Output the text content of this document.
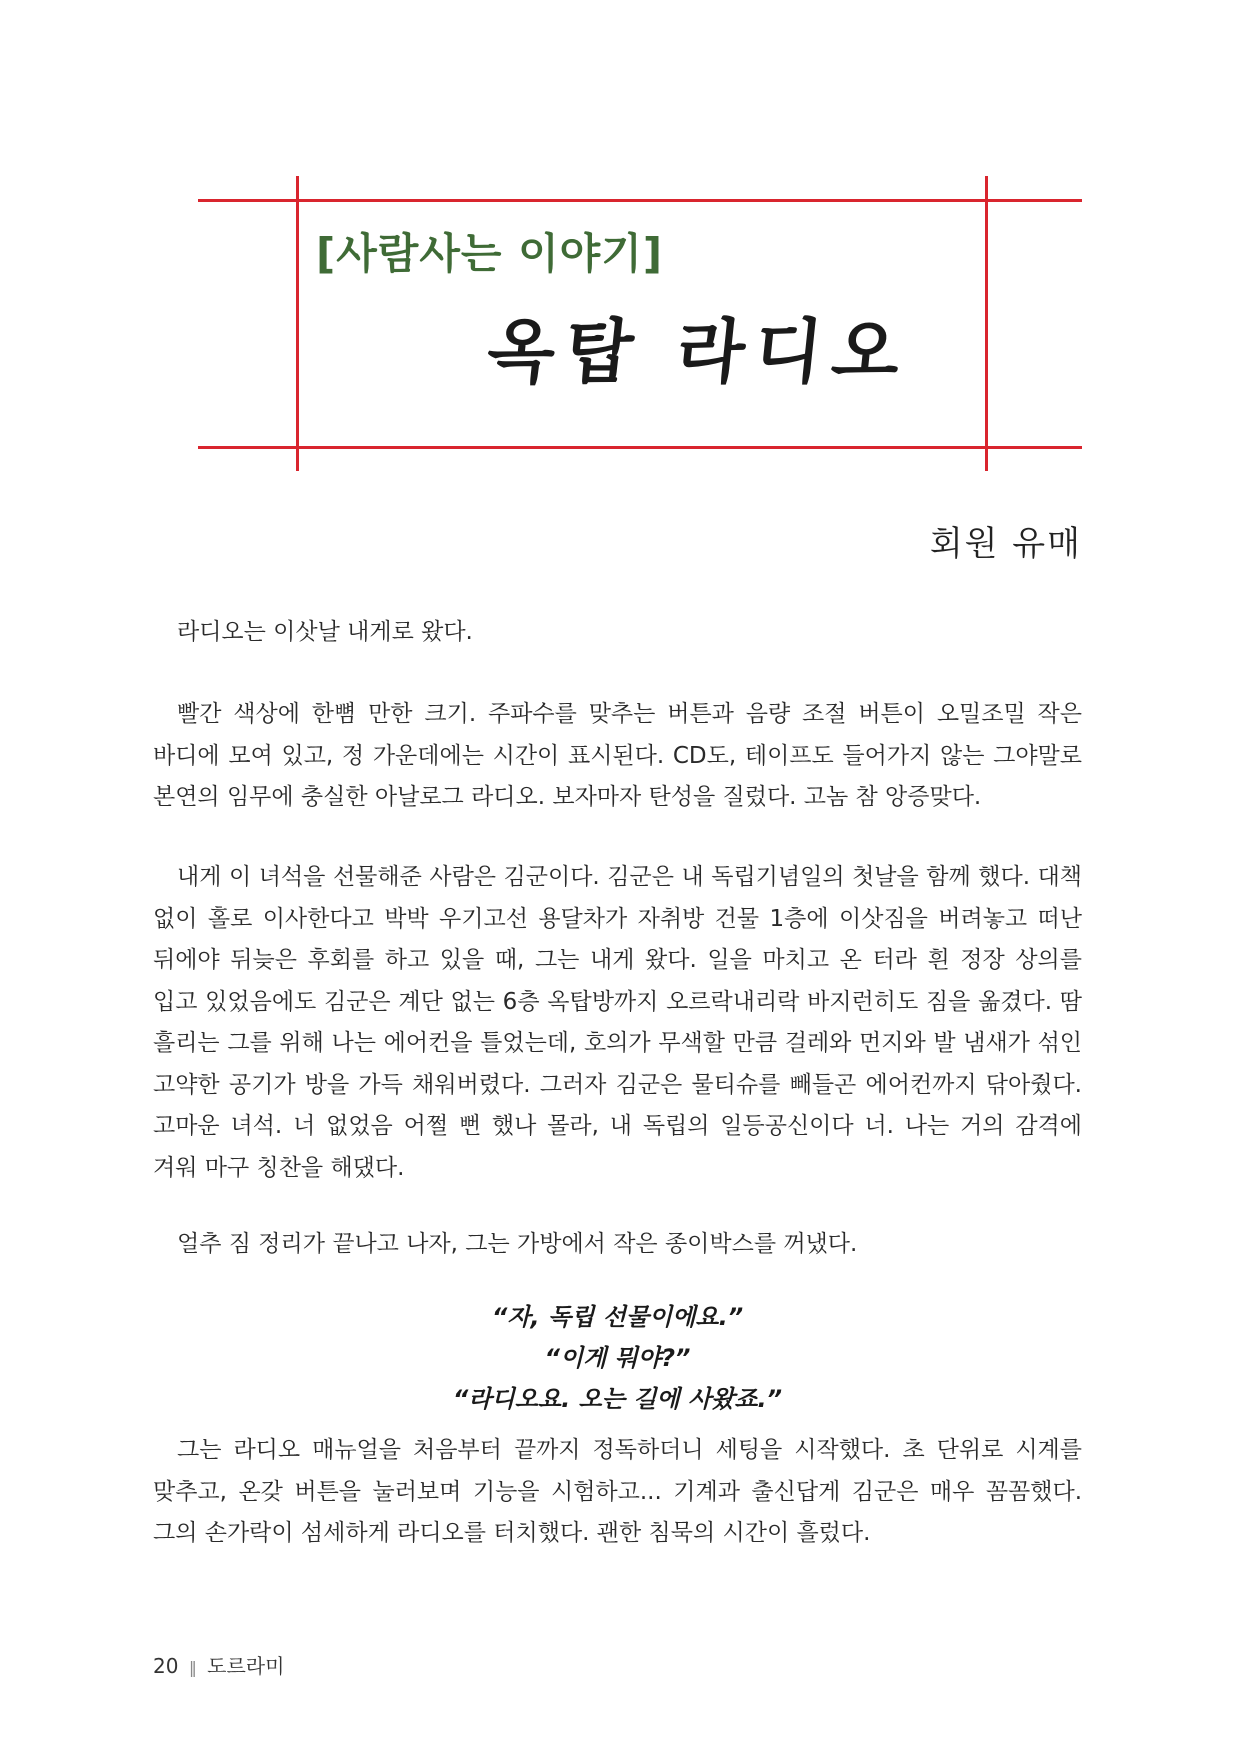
[사람사는 이야기]
옥탑 라디오
회원 유매

라디오는 이삿날 내게로 왔다.

빨간 색상에 한뼘 만한 크기. 주파수를 맞추는 버튼과 음량 조절 버튼이 오밀조밀 작은 바디에 모여 있고, 정 가운데에는 시간이 표시된다. CD도, 테이프도 들어가지 않는 그야말로 본연의 임무에 충실한 아날로그 라디오. 보자마자 탄성을 질렀다. 고놈 참 앙증맞다.

내게 이 녀석을 선물해준 사람은 김군이다. 김군은 내 독립기념일의 첫날을 함께 했다. 대책 없이 홀로 이사한다고 박박 우기고선 용달차가 자취방 건물 1층에 이삿짐을 버려놓고 떠난 뒤에야 뒤늦은 후회를 하고 있을 때, 그는 내게 왔다. 일을 마치고 온 터라 흰 정장 상의를 입고 있었음에도 김군은 계단 없는 6층 옥탑방까지 오르락내리락 바지런히도 짐을 옮겼다. 땀 흘리는 그를 위해 나는 에어컨을 틀었는데, 호의가 무색할 만큼 걸레와 먼지와 발 냄새가 섞인 고약한 공기가 방을 가득 채워버렸다. 그러자 김군은 물티슈를 빼들곤 에어컨까지 닦아줬다. 고마운 녀석. 너 없었음 어쩔 뻔 했나 몰라, 내 독립의 일등공신이다 너. 나는 거의 감격에 겨워 마구 칭찬을 해댔다.

얼추 짐 정리가 끝나고 나자, 그는 가방에서 작은 종이박스를 꺼냈다.

“자, 독립 선물이에요.”
“이게 뭐야?”
“라디오요. 오는 길에 사왔죠.”

그는 라디오 매뉴얼을 처음부터 끝까지 정독하더니 세팅을 시작했다. 초 단위로 시계를 맞추고, 온갖 버튼을 눌러보며 기능을 시험하고... 기계과 출신답게 김군은 매우 꼼꼼했다. 그의 손가락이 섬세하게 라디오를 터치했다. 괜한 침묵의 시간이 흘렀다.

20 ‖ 도르라미
